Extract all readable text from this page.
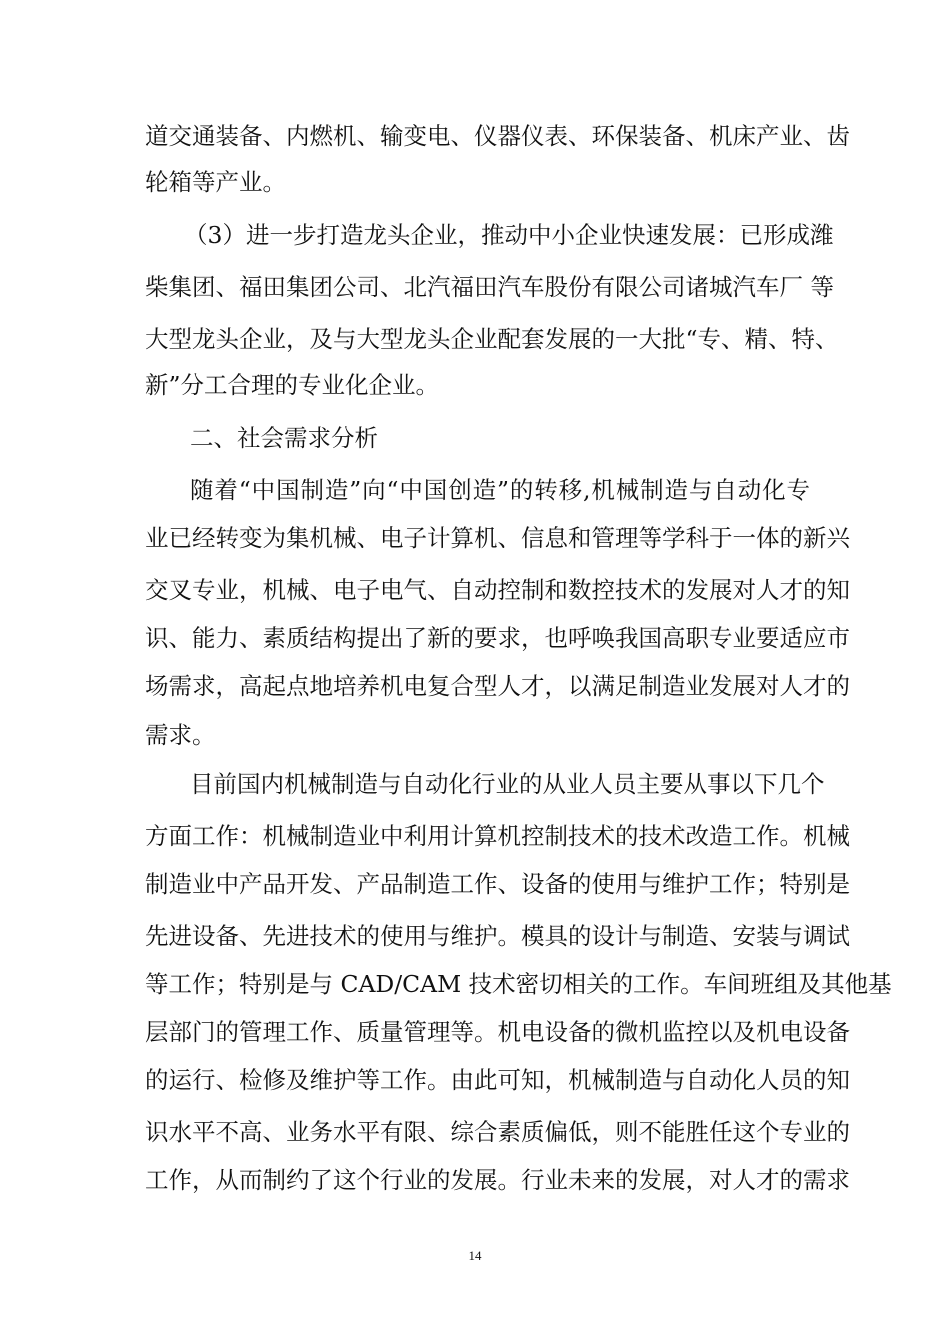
道交通装备、内燃机、输变电、仪器仪表、环保装备、机床产业、齿
轮箱等产业。
（3）进一步打造龙头企业，推动中小企业快速发展：已形成潍
柴集团、福田集团公司、北汽福田汽车股份有限公司诸城汽车厂 等
大型龙头企业，及与大型龙头企业配套发展的一大批“专、精、特、
新”分工合理的专业化企业。
二、社会需求分析
随着“中国制造”向“中国创造”的转移,机械制造与自动化专
业已经转变为集机械、电子计算机、信息和管理等学科于一体的新兴
交叉专业，机械、电子电气、自动控制和数控技术的发展对人才的知
识、能力、素质结构提出了新的要求，也呼唤我国高职专业要适应市
场需求，高起点地培养机电复合型人才，以满足制造业发展对人才的
需求。
目前国内机械制造与自动化行业的从业人员主要从事以下几个
方面工作：机械制造业中利用计算机控制技术的技术改造工作。机械
制造业中产品开发、产品制造工作、设备的使用与维护工作；特别是
先进设备、先进技术的使用与维护。模具的设计与制造、安装与调试
等工作；特别是与 CAD/CAM 技术密切相关的工作。车间班组及其他基
层部门的管理工作、质量管理等。机电设备的微机监控以及机电设备
的运行、检修及维护等工作。由此可知，机械制造与自动化人员的知
识水平不高、业务水平有限、综合素质偏低，则不能胜任这个专业的
工作，从而制约了这个行业的发展。行业未来的发展，对人才的需求
14
